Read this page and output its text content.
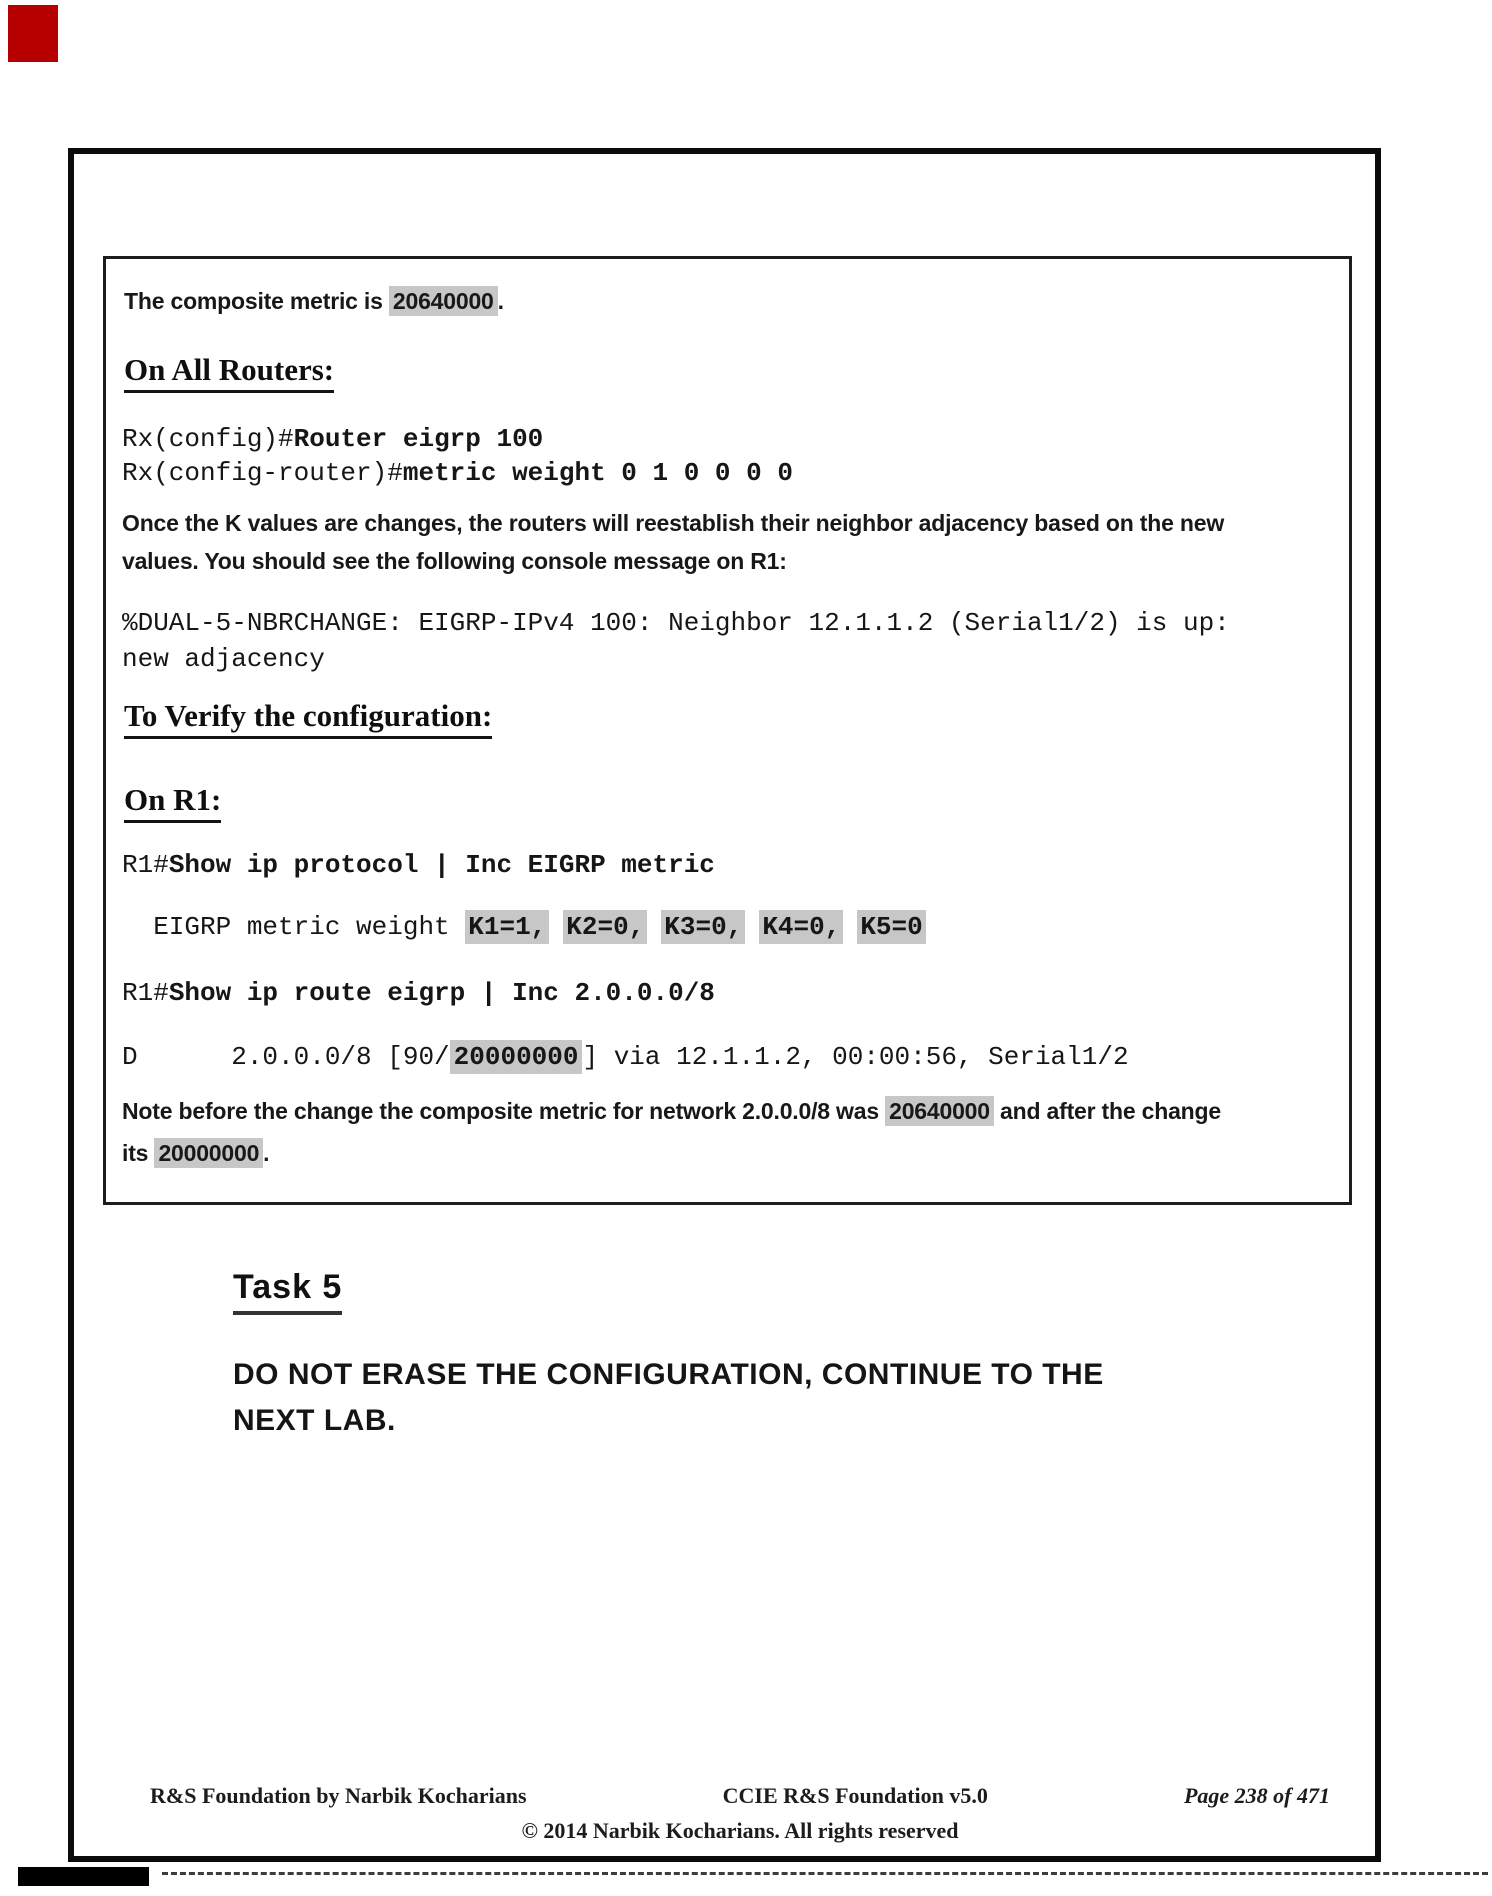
The composite metric is 20640000 .
On All Routers:
Rx(config)#Router eigrp 100
Rx(config-router)#metric weight 0 1 0 0 0 0
Once the K values are changes, the routers will reestablish their neighbor adjacency based on the new
values. You should see the following console message on R1:
%DUAL-5-NBRCHANGE: EIGRP-IPv4 100: Neighbor 12.1.1.2 (Serial1/2) is up:
new adjacency
To Verify the configuration:
On R1:
R1#Show ip protocol | Inc EIGRP metric
EIGRP metric weight K1=1, K2=0, K3=0, K4=0, K5=0
R1#Show ip route eigrp | Inc 2.0.0.0/8
D      2.0.0.0/8 [90/ 20000000 ] via 12.1.1.2, 00:00:56, Serial1/2
Note before the change the composite metric for network 2.0.0.0/8 was 20640000 and after the change
its 20000000 .
Task 5
DO NOT ERASE THE CONFIGURATION, CONTINUE TO THE
NEXT LAB.
R&S Foundation by Narbik Kocharians	CCIE R&S Foundation v5.0	Page 238 of 471
© 2014 Narbik Kocharians. All rights reserved
